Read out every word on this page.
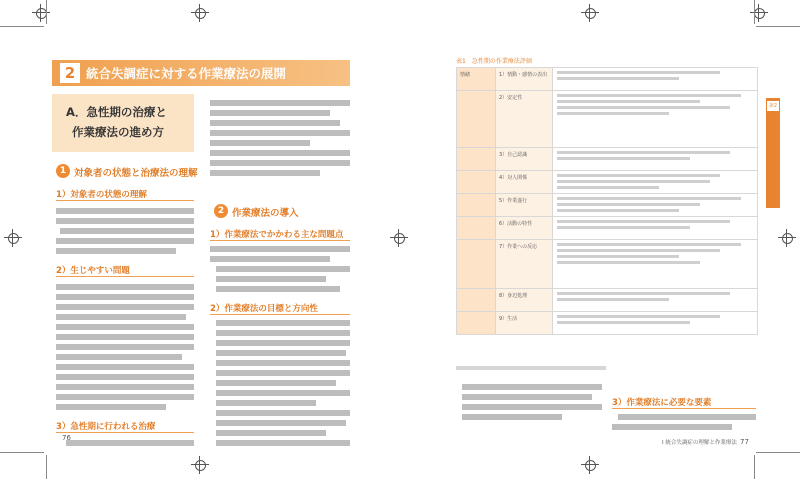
2 統合失調症に対する作業療法の展開
A．急性期の治療と
作業療法の進め方
1 対象者の状態と治療法の理解
1）対象者の状態の理解
2）生じやすい問題
3）急性期に行われる治療
2 作業療法の導入
1）作業療法でかかわる主な問題点
2）作業療法の目標と方向性
76
表1　急性期の作業療法評価
情緒	1）情動・感情の表出	

	2）安定性	

	3）自己認識	

	4）対人関係	

	5）作業遂行	

	6）活動の特性	

	7）作業への反応	

	8）身辺処理	

	9）生活	

3）作業療法に必要な要素
Ⅰ 統合失調症の理解と作業療法 77
第2章
